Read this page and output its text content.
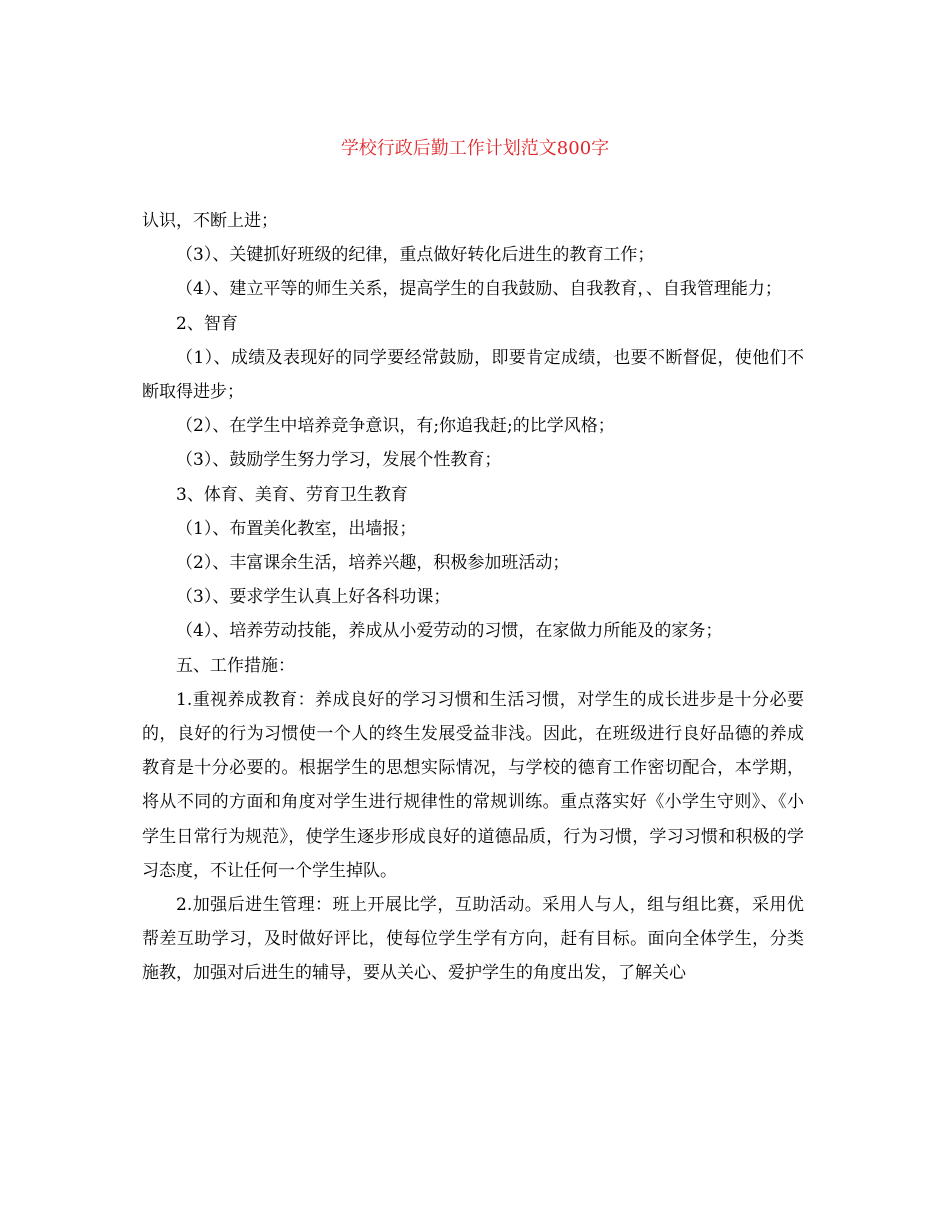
学校行政后勤工作计划范文800字

认识，不断上进；

（3）、关键抓好班级的纪律，重点做好转化后进生的教育工作；

（4）、建立平等的师生关系，提高学生的自我鼓励、自我教育，、自我管理能力；

2、智育

（1）、成绩及表现好的同学要经常鼓励，即要肯定成绩，也要不断督促，使他们不断取得进步；

（2）、在学生中培养竞争意识，有;你追我赶;的比学风格；

（3）、鼓励学生努力学习，发展个性教育；

3、体育、美育、劳育卫生教育

（1）、布置美化教室，出墙报；

（2）、丰富课余生活，培养兴趣，积极参加班活动；

（3）、要求学生认真上好各科功课；

（4）、培养劳动技能，养成从小爱劳动的习惯，在家做力所能及的家务；

五、工作措施：

1.重视养成教育：养成良好的学习习惯和生活习惯，对学生的成长进步是十分必要的，良好的行为习惯使一个人的终生发展受益非浅。因此，在班级进行良好品德的养成教育是十分必要的。根据学生的思想实际情况，与学校的德育工作密切配合，本学期，将从不同的方面和角度对学生进行规律性的常规训练。重点落实好《小学生守则》、《小学生日常行为规范》，使学生逐步形成良好的道德品质，行为习惯，学习习惯和积极的学习态度，不让任何一个学生掉队。

2.加强后进生管理：班上开展比学，互助活动。采用人与人，组与组比赛，采用优帮差互助学习，及时做好评比，使每位学生学有方向，赶有目标。面向全体学生，分类施教，加强对后进生的辅导，要从关心、爱护学生的角度出发，了解关心
